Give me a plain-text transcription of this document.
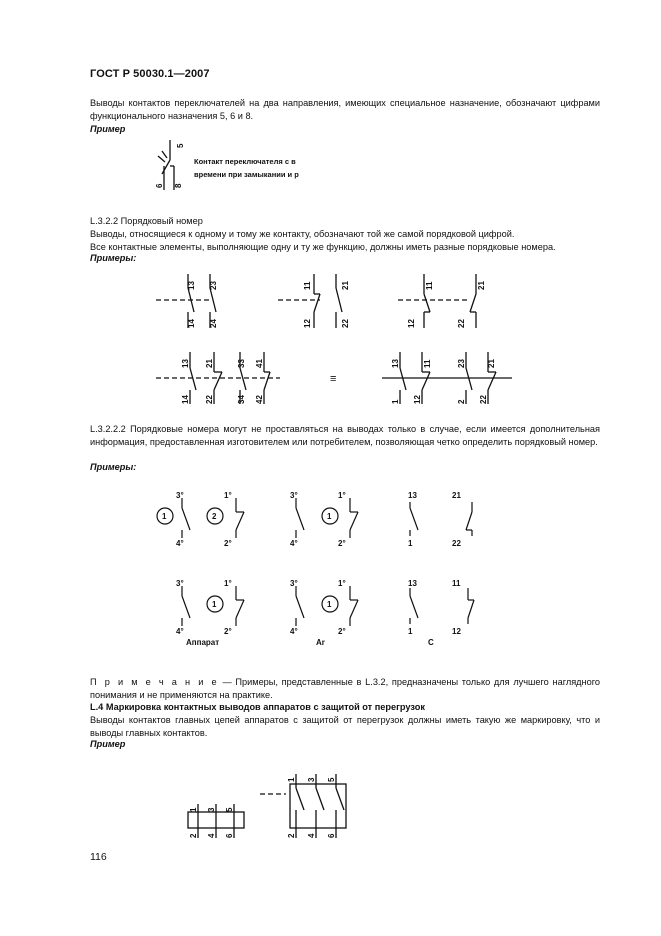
ГОСТ Р 50030.1—2007
Выводы контактов переключателей на два направления, имеющих специальное назначение, обозначают цифрами функционального назначения 5, 6 и 8.
Пример
5
6 8
Контакт переключателя с в
времени при замыкании и р
L.3.2.2 Порядковый номер
Выводы, относящиеся к одному и тому же контакту, обозначают той же самой порядковой цифрой.
Все контактные элементы, выполняющие одну и ту же функцию, должны иметь разные порядковые номера.
Примеры:
13 23
14 24
11	21
12	22
11	21
12	22
13 21	33 41
14 22	34 42
≡
13	11	23	21
1 12	2 22
L.3.2.2.2 Порядковые номера могут не проставляться на выводах только в случае, если имеется дополнительная информация, предоставленная изготовителем или потребителем, позволяющая четко определить порядковый номер.
Примеры:
1	2
3°
4°
1°
2°
3°
4°
1
1°
2°
13
1
21
22
3°
4°
1
1°
2°
Аппарат
3°
4°
1
1°
2°
Ar
13
1
11
12
C
П р и м е ч а н и е — Примеры, представленные в L.3.2, предназначены только для лучшего наглядного понимания и не применяются на практике.
L.4 Маркировка контактных выводов аппаратов с защитой от перегрузок
Выводы контактов главных цепей аппаратов с защитой от перегрузок должны иметь такую же маркировку, что и выводы главных контактов.
Пример
1 3 5
2 4 6
1 3 5
2 4 6
116
